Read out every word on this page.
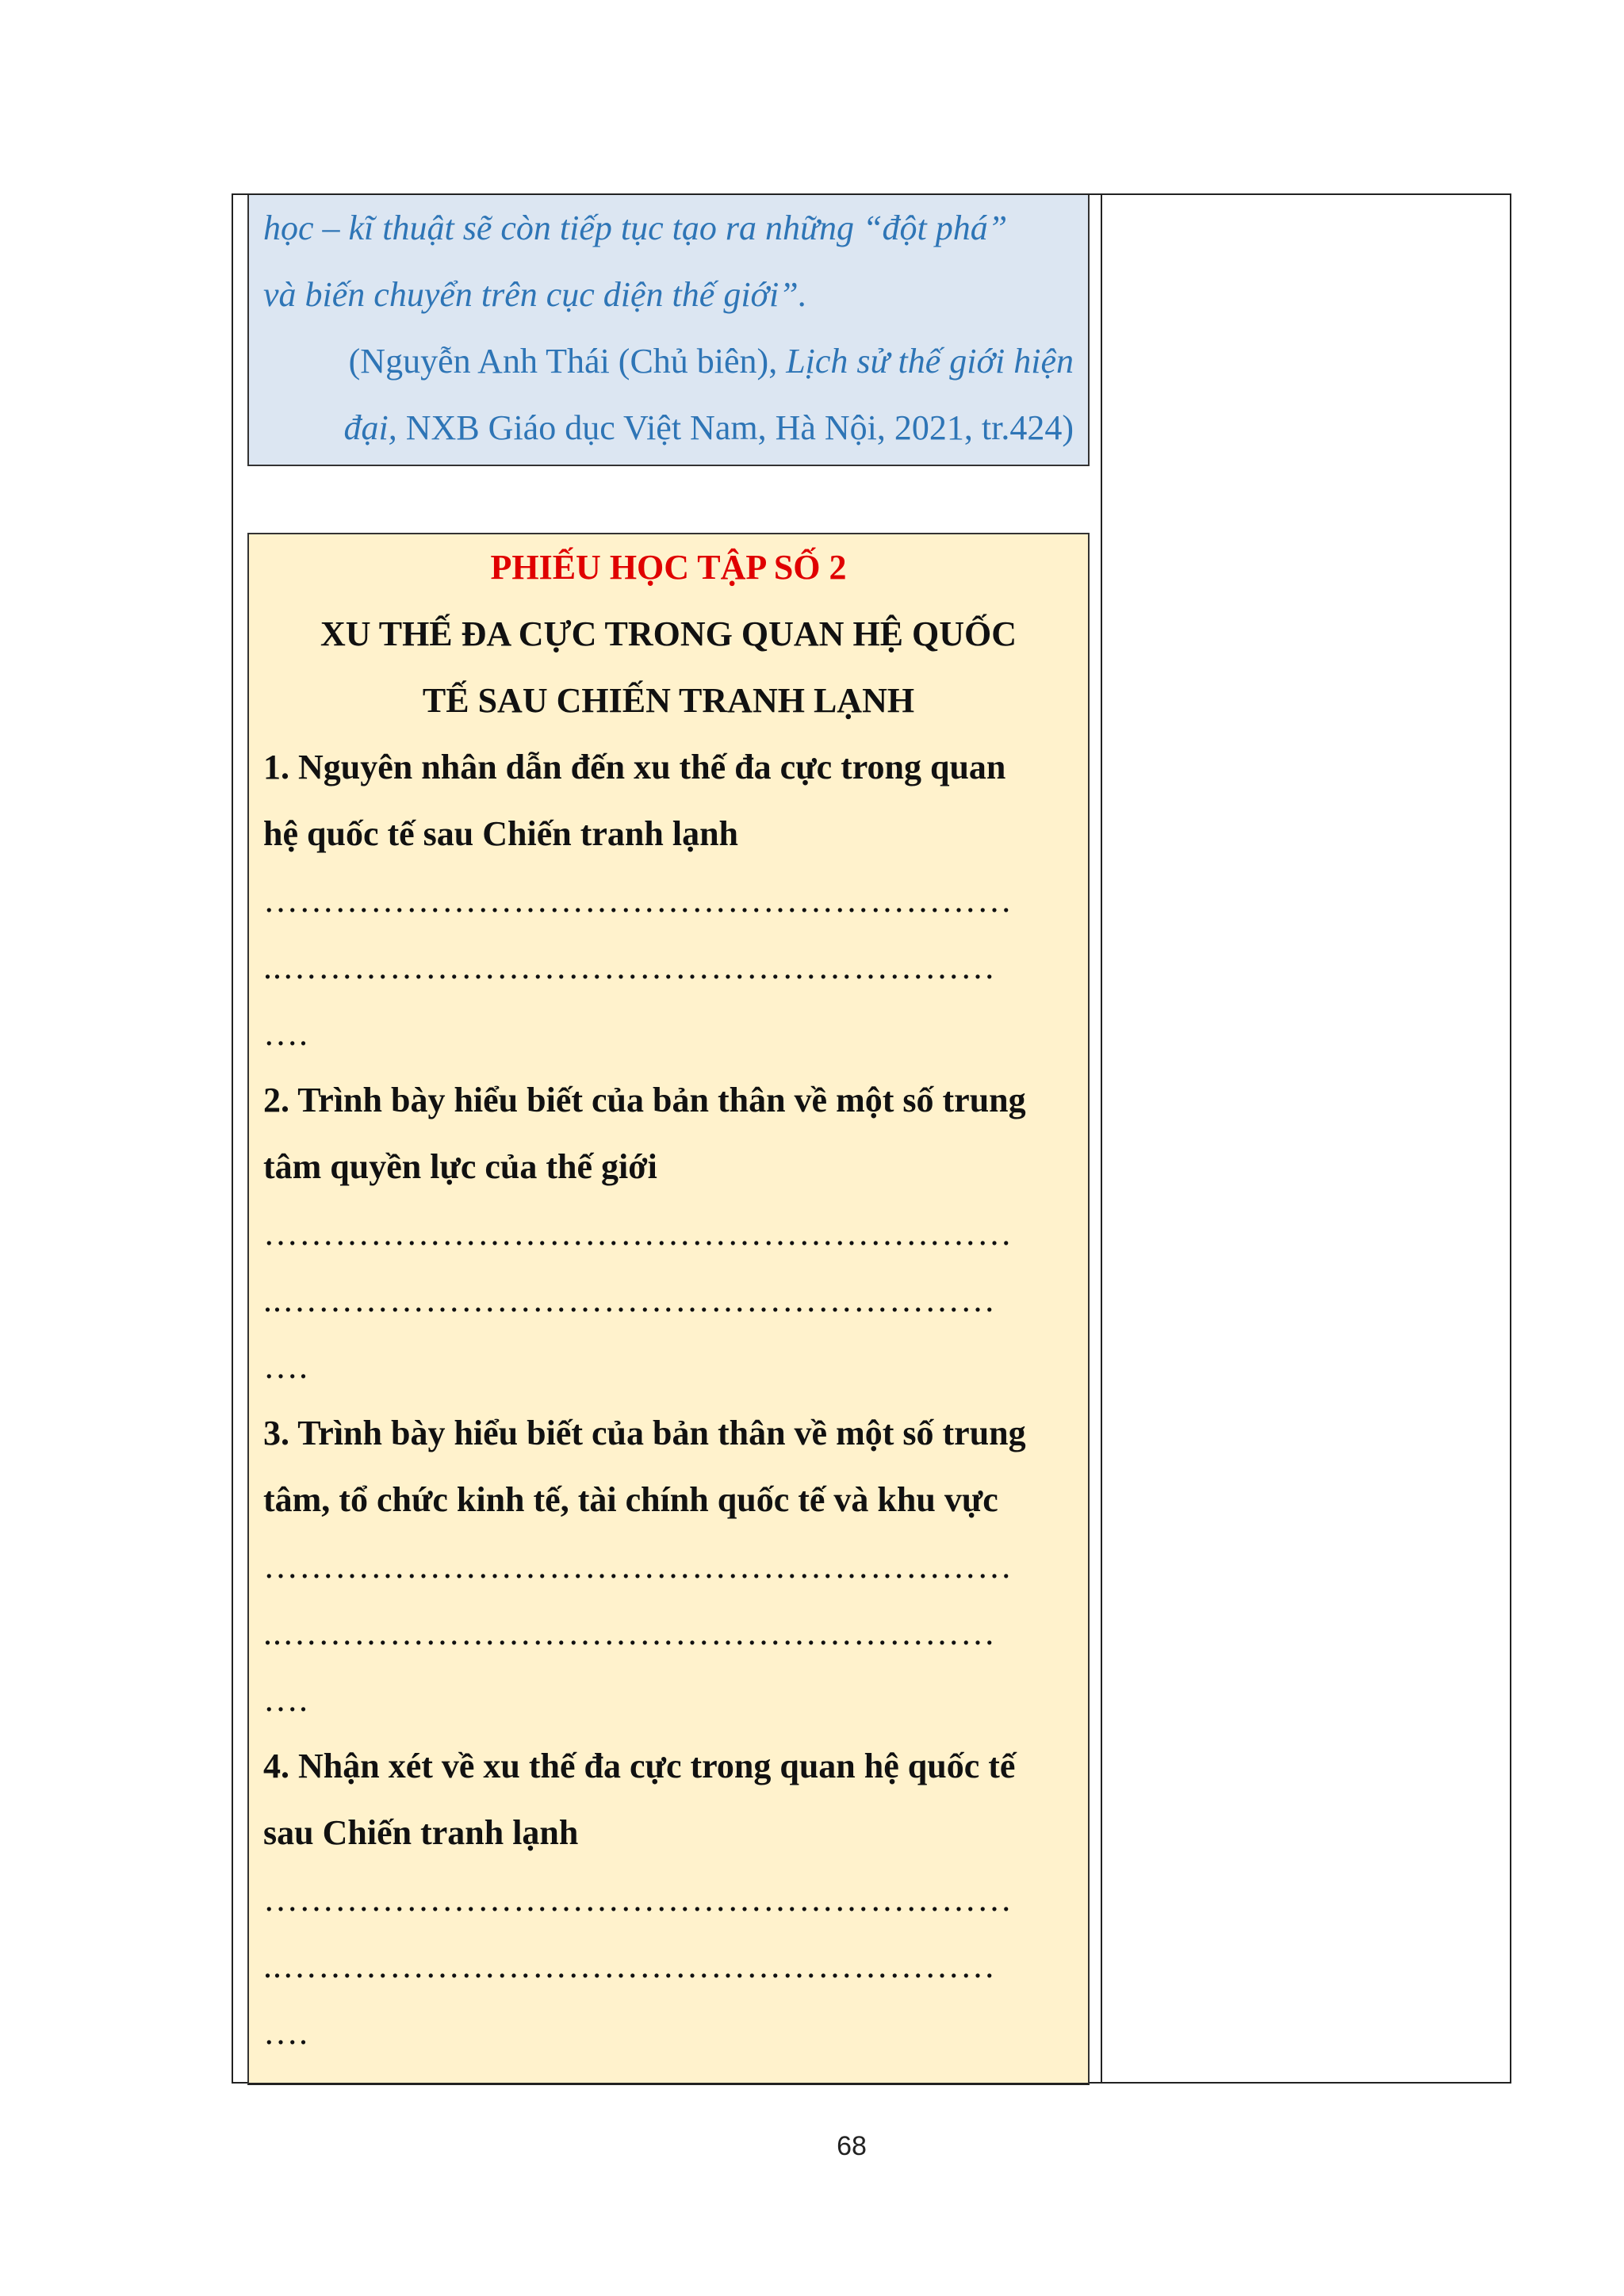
học – kĩ thuật sẽ còn tiếp tục tạo ra những “đột phá”
và biến chuyển trên cục diện thế giới”.
(Nguyễn Anh Thái (Chủ biên), Lịch sử thế giới hiện
đại, NXB Giáo dục Việt Nam, Hà Nội, 2021, tr.424)
PHIẾU HỌC TẬP SỐ 2
XU THẾ ĐA CỰC TRONG QUAN HỆ QUỐC
TẾ SAU CHIẾN TRANH LẠNH
1. Nguyên nhân dẫn đến xu thế đa cực trong quan
hệ quốc tế sau Chiến tranh lạnh
………………………………………………………
..……………………………………………………
….
2. Trình bày hiểu biết của bản thân về một số trung
tâm quyền lực của thế giới
………………………………………………………
..……………………………………………………
….
3. Trình bày hiểu biết của bản thân về một số trung
tâm, tổ chức kinh tế, tài chính quốc tế và khu vực
………………………………………………………
..……………………………………………………
….
4. Nhận xét về xu thế đa cực trong quan hệ quốc tế
sau Chiến tranh lạnh
………………………………………………………
..……………………………………………………
….
68
